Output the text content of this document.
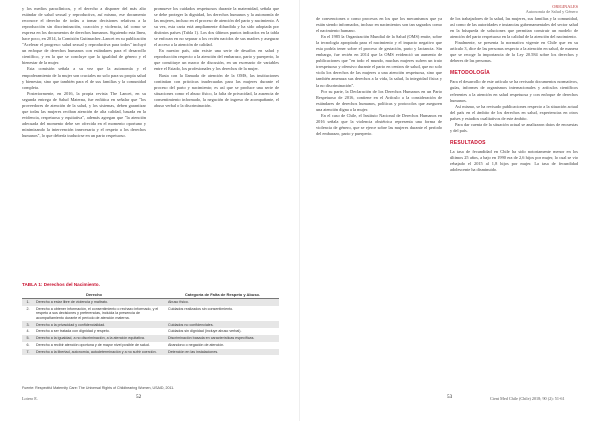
y los medios paraclínicos, y el derecho a disponer del más alto estándar de salud sexual y reproductiva, así mismo, ese documento reconoce el derecho de todas a tomar decisiones relativas a la reproducción sin discriminación, coacción y violencia, tal como se expresa en los documentos de derechos humanos. Siguiendo esta línea, hace poco, en 2014, la Comisión Guttmacher–Lancet en su publicación "Acelerar el progreso: salud sexual y reproductiva para todos" incluyó un enfoque de derechos humanos con estándares para el desarrollo científico, y en la que se concluye que la igualdad de género y el bienestar de la mujer.

Esta comisión señala a su vez que la autonomía y el empoderamiento de la mujer son cruciales no solo para su propia salud y bienestar, sino que también para el de sus familias y la comunidad completa.

Posteriormente, en 2016, la propia revista The Lancet, en su segunda entrega de Salud Materna, fue enfática en señalar que "los proveedores de atención de la salud, y los sistemas, deben garantizar que todas las mujeres reciban atención de alta calidad, basada en la evidencia, respetuosa y equitativa", además agregan que "la atención adecuada del momento debe ser ofrecida en el momento oportuno y minimizando la intervención innecesaria y el respeto a los derechos humanos", lo que debería traducirse en un parto respetuoso.

promueve los cuidados respetuosos durante la maternidad, señala que se debe proteger la dignidad, los derechos humanos y la autonomía de las mujeres, incluso en el proceso de atención del parto y nacimiento. A su vez, esta carta está ampliamente difundida y ha sido adoptada por distintos países (Tabla 1). Los dos últimos puntos indicados en la tabla se enfocan en no separar a los recién nacidos de sus madres y asegurar el acceso a la atención de calidad.

En nuestro país, aún existe una serie de desafíos en salud y reproducción respecto a la atención del embarazo, parto y puerperio, lo que constituye un marco de discusión, en un escenario de variables entre el Estado, los profesionales y los derechos de la mujer.

Basta con la llamada de atención de la OMS, las instituciones continúan con prácticas inadecuadas para las mujeres durante el proceso del parto y nacimiento; es así que se produce una serie de situaciones como el abuso físico, la falta de privacidad, la ausencia de consentimiento informado, la negación de ingreso de acompañante, el abuso verbal o la discriminación.

TABLA 1: Derechos del Nacimiento.
Derecho		Categoría de Falta de Respeto y Abuso.
1.	Derecho a estar libre de violencia y maltrato.	Abuso físico.
2.	Derecho a obtener información, el consentimiento o rechazo informado, y el respeto a sus decisiones y preferencias, incluida la presencia de acompañamiento durante el período de atención materna.	Cuidados realizados sin consentimiento.
3.	Derecho a la privacidad y confidencialidad.	Cuidados no confidenciales.
4.	Derecho a ser tratada con dignidad y respeto.	Cuidados sin dignidad (incluye abuso verbal).
5.	Derecho a la igualdad, a no discriminación, a la atención equitativa.	Discriminación basada en características específicas.
6.	Derecho a recibir atención oportuna y de mayor nivel posible de salud.	Abandono o negación de atención.
7.	Derecho a la libertad, autonomía, autodeterminación y a no sufrir coerción.	Detención en las instalaciones.
Fuente: Respectful Maternity Care: The Universal Rights of Childbearing Women, USAID, 2011.
Lotero E.	52
ORIGINALES
Autonomía de Salud y Género

de convenciones o como procesos en los que los mecanismos que ya están siendo informados, incluso en nacimientos son tan sagrados como el nacimiento humano.

En el 1985 la Organización Mundial de la Salud (OMS) emite, sobre la tecnología apropiada para el nacimiento y el impacto negativo que esta podría tener sobre el proceso de gestación, parto y lactancia. Sin embargo, fue recién en 2014 que la OMS evidenció un aumento de publicaciones que "en todo el mundo, muchas mujeres sufren un trato irrespetuoso y ofensivo durante el parto en centros de salud, que no solo viola los derechos de las mujeres a una atención respetuosa, sino que también amenaza sus derechos a la vida, la salud, la integridad física y la no discriminación".

Por su parte, la Declaración de los Derechos Humanos en un Parto Respetuoso de 2016, contiene en el Artículo a la consideración de estándares de derechos humanos, políticas y protocolos que aseguren una atención digna a la mujer.

En el caso de Chile, el Instituto Nacional de Derechos Humanos en 2016 señala que la violencia obstétrica representa una forma de violencia de género, que se ejerce sobre las mujeres durante el período del embarazo, parto y puerperio.

de los trabajadores de la salud, las mujeres, sus familias y la comunidad, así como de las autoridades e instancias gubernamentales del sector salud en la búsqueda de soluciones que permitan construir un modelo de atención del parto respetuoso en la calidad de la atención del nacimiento.

Finalmente, se presenta la normativa vigente en Chile que en su artículo 3, dice de las personas respecto a la atención en salud, de manera que se recoge la importancia de la Ley 20.584 sobre los derechos y deberes de las personas.

METODOLOGÍA

Para el desarrollo de este artículo se ha revisado documentos normativos, guías, informes de organismos internacionales y artículos científicos referentes a la atención en salud respetuosa y con enfoque de derechos humanos.

Así mismo, se ha revisado publicaciones respecto a la situación actual del país en el ámbito de los derechos en salud, experiencias en otros países y estudios cualitativos de este ámbito.

Para dar cuenta de la situación actual se analizaron datos de encuestas y del país.

RESULTADOS

La tasa de fecundidad en Chile ha sido notoriamente menor en los últimos 25 años, a bajo en 1990 era de 2,6 hijos por mujer, lo cual se vio rebajado el 2015 al 1,8 hijos por mujer. La tasa de fecundidad adolescente ha disminuido.

53	Cient Med Chile (Chile) 2018; 90 (2): 51-61
